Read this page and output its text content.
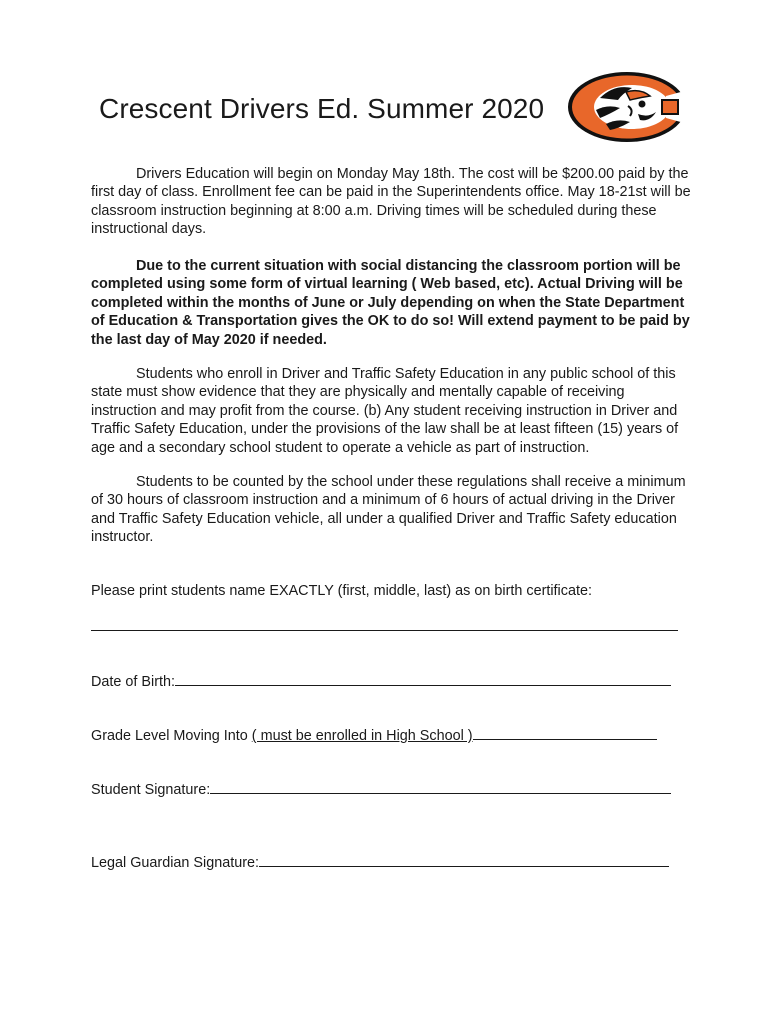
Crescent Drivers Ed. Summer 2020

Drivers Education will begin on Monday May 18th. The cost will be $200.00 paid by the first day of class. Enrollment fee can be paid in the Superintendents office. May 18-21st will be classroom instruction beginning at 8:00 a.m. Driving times will be scheduled during these instructional days.

Due to the current situation with social distancing the classroom portion will be completed using some form of virtual learning ( Web based, etc). Actual Driving will be completed within the months of June or July depending on when the State Department of Education & Transportation gives the OK to do so! Will extend payment to be paid by the last day of May 2020 if needed.

Students who enroll in Driver and Traffic Safety Education in any public school of this state must show evidence that they are physically and mentally capable of receiving instruction and may profit from the course. (b) Any student receiving instruction in Driver and Traffic Safety Education, under the provisions of the law shall be at least fifteen (15) years of age and a secondary school student to operate a vehicle as part of instruction.

Students to be counted by the school under these regulations shall receive a minimum of 30 hours of classroom instruction and a minimum of 6 hours of actual driving in the Driver and Traffic Safety Education vehicle, all under a qualified Driver and Traffic Safety education instructor.

Please print students name EXACTLY (first, middle, last) as on birth certificate:
Date of Birth:
Grade Level Moving Into ( must be enrolled in High School )
Student Signature:
Legal Guardian Signature:
